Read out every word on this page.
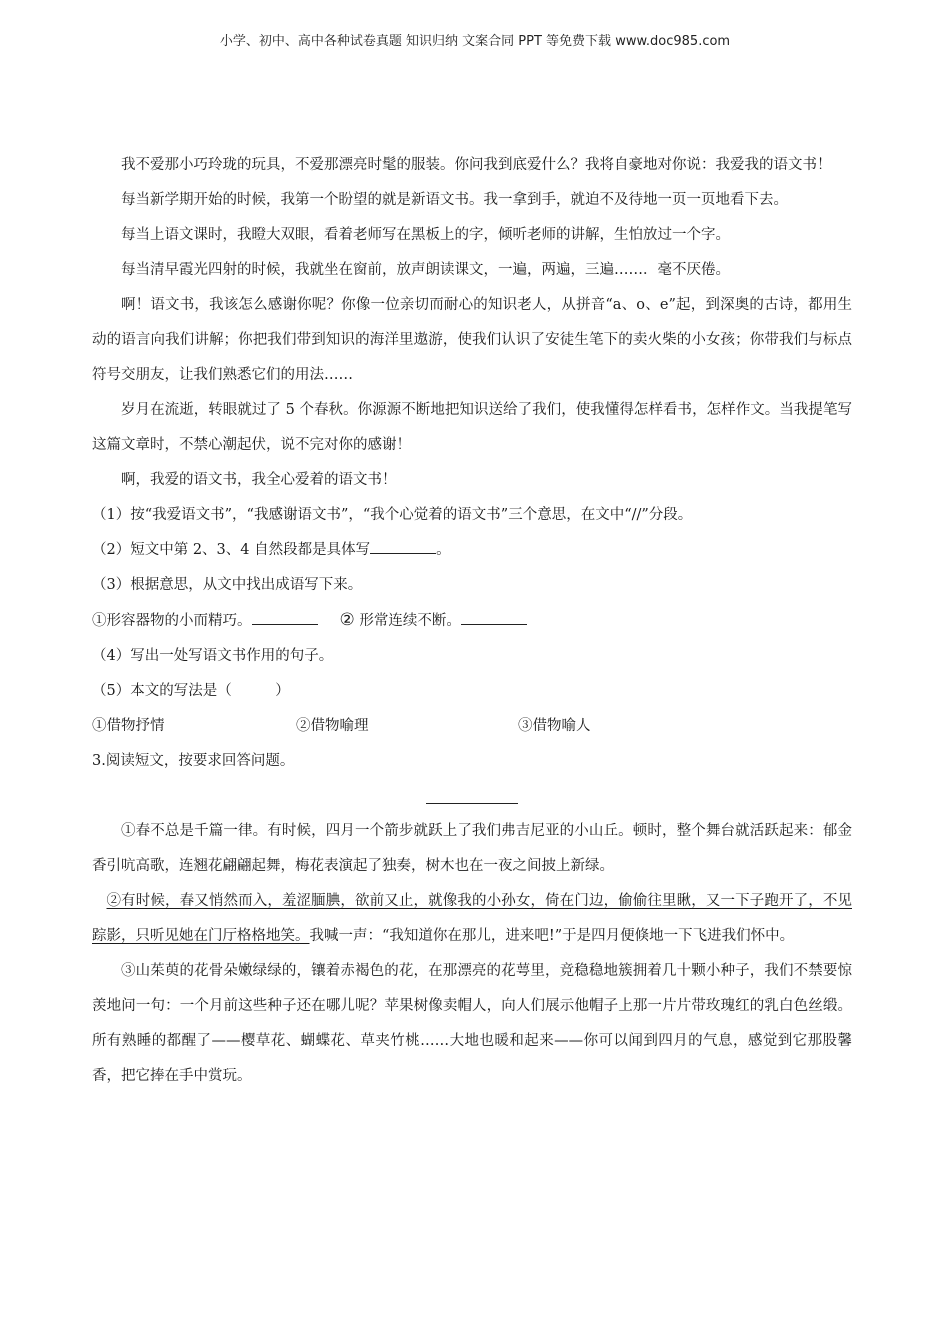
小学、初中、高中各种试卷真题 知识归纳 文案合同 PPT 等免费下载 www.doc985.com

我不爱那小巧玲珑的玩具，不爱那漂亮时髦的服装。你问我到底爱什么？我将自豪地对你说：我爱我的语文书！

每当新学期开始的时候，我第一个盼望的就是新语文书。我一拿到手，就迫不及待地一页一页地看下去。

每当上语文课时，我瞪大双眼，看着老师写在黑板上的字，倾听老师的讲解，生怕放过一个字。

每当清早霞光四射的时候，我就坐在窗前，放声朗读课文，一遍，两遍，三遍……．毫不厌倦。

啊！语文书，我该怎么感谢你呢？你像一位亲切而耐心的知识老人，从拼音“a、o、e”起，到深奥的古诗，都用生动的语言向我们讲解；你把我们带到知识的海洋里遨游，使我们认识了安徒生笔下的卖火柴的小女孩；你带我们与标点符号交朋友，让我们熟悉它们的用法……

岁月在流逝，转眼就过了 5 个春秋。你源源不断地把知识送给了我们，使我懂得怎样看书，怎样作文。当我提笔写这篇文章时，不禁心潮起伏，说不完对你的感谢！

啊，我爱的语文书，我全心爱着的语文书！

（1）按“我爱语文书”，“我感谢语文书”，“我个心觉着的语文书”三个意思，在文中“//”分段。

（2）短文中第 2、3、4 自然段都是具体写	。

（3）根据意思，从文中找出成语写下来。

①形容器物的小而精巧。	② 形常连续不断。

（4）写出一处写语文书作用的句子。

（5）本文的写法是（　　　）

①借物抒情	②借物喻理	③借物喻人

3.阅读短文，按要求回答问题。

①春不总是千篇一律。有时候，四月一个箭步就跃上了我们弗吉尼亚的小山丘。顿时，整个舞台就活跃起来：郁金香引吭高歌，连翘花翩翩起舞，梅花表演起了独奏，树木也在一夜之间披上新绿。

②有时候，春又悄然而入，羞涩腼腆，欲前又止，就像我的小孙女，倚在门边，偷偷往里瞅，又一下子跑开了，不见踪影，只听见她在门厅格格地笑。我喊一声：“我知道你在那儿，进来吧!”于是四月便倏地一下飞进我们怀中。

③山茱萸的花骨朵嫩绿绿的，镶着赤褐色的花，在那漂亮的花萼里，竞稳稳地簇拥着几十颗小种子，我们不禁要惊羡地问一句：一个月前这些种子还在哪儿呢？苹果树像卖帽人，向人们展示他帽子上那一片片带玫瑰红的乳白色丝缎。所有熟睡的都醒了——樱草花、蝴蝶花、草夹竹桃……大地也暖和起来——你可以闻到四月的气息，感觉到它那股馨香，把它捧在手中赏玩。
